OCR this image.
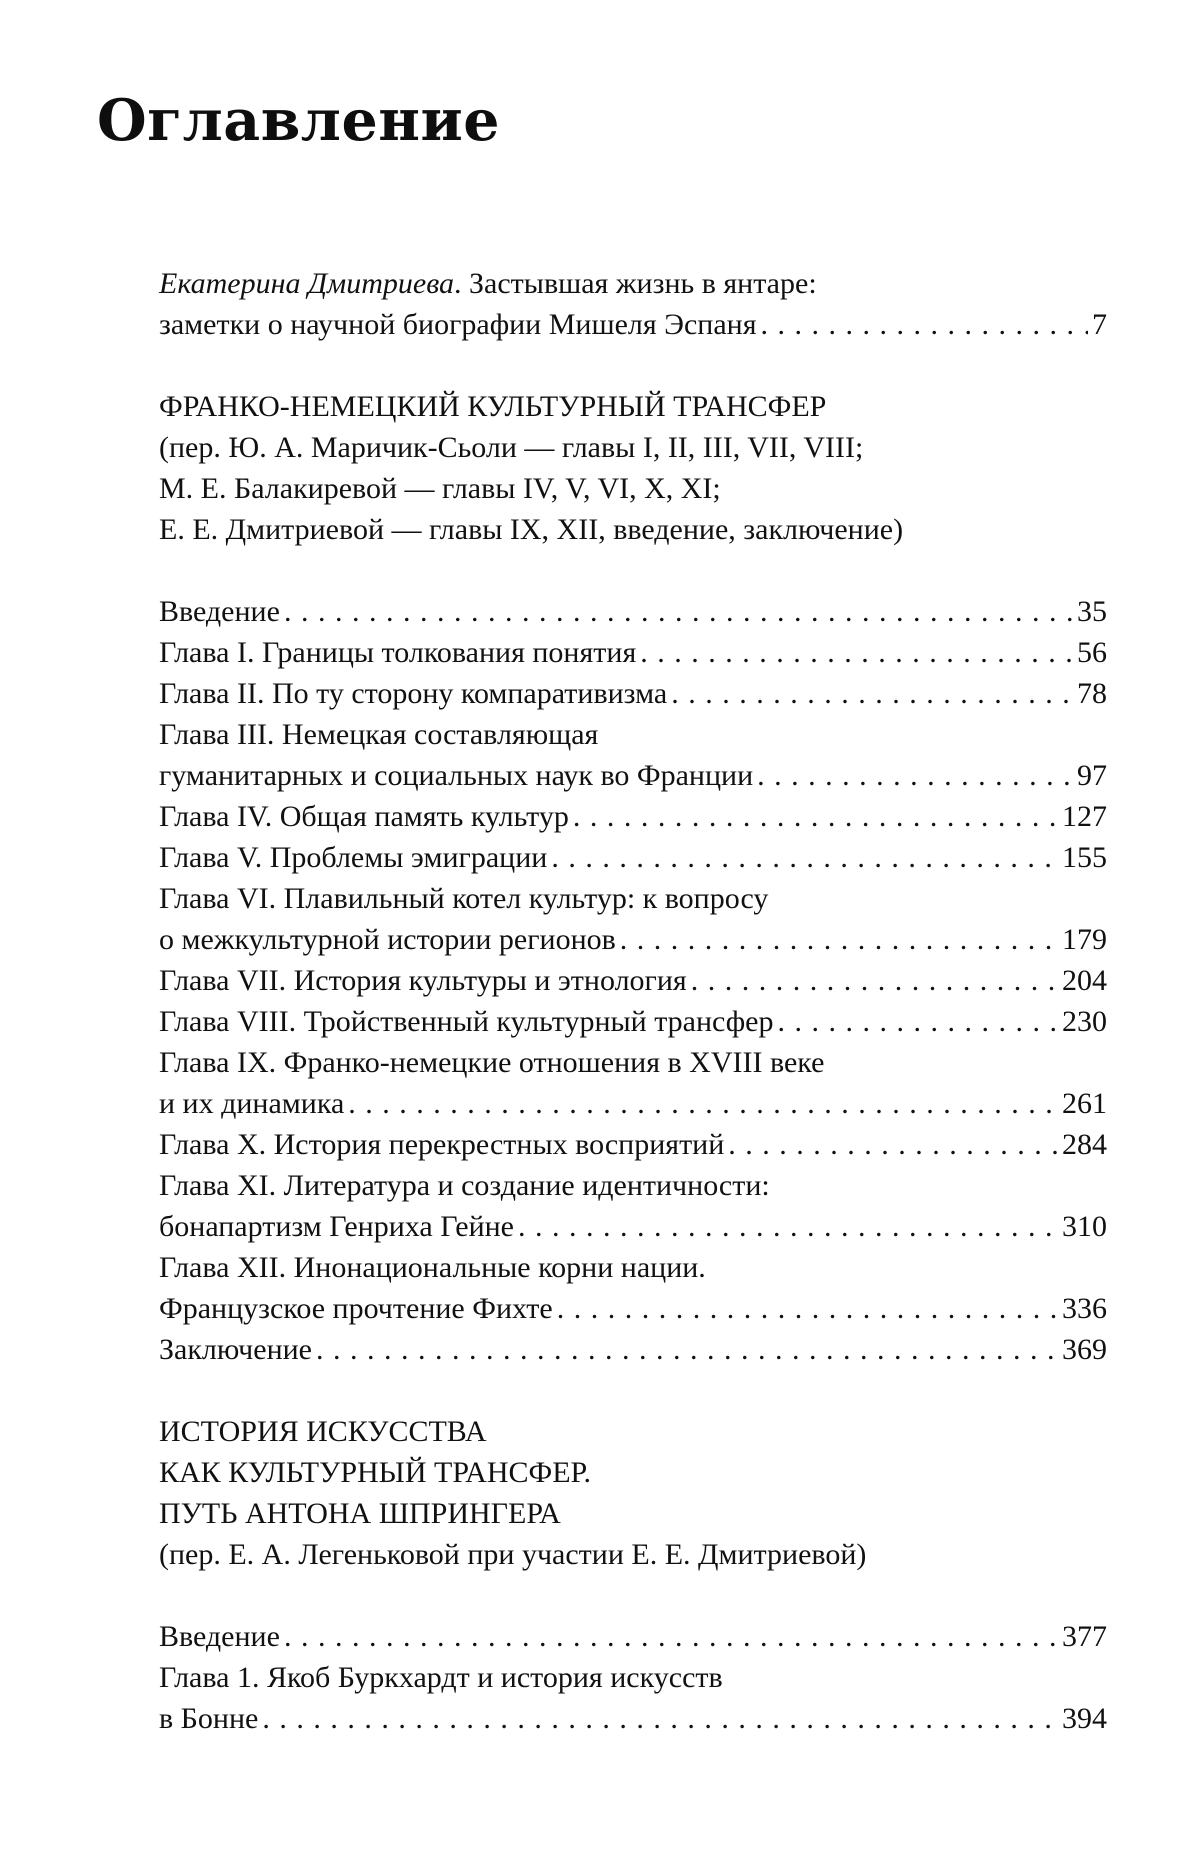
Оглавление
Екатерина Дмитриева. Застывшая жизнь в янтаре:
заметки о научной биографии Мишеля Эспаня . . .	7
ФРАНКО-НЕМЕЦКИЙ КУЛЬТУРНЫЙ ТРАНСФЕР
(пер. Ю. А. Маричик-Сьоли — главы I, II, III, VII, VIII;
М. Е. Балакиревой — главы IV, V, VI, X, XI;
Е. Е. Дмитриевой — главы IX, XII, введение, заключение)
Введение . . .	35
Глава I. Границы толкования понятия . . .	56
Глава II. По ту сторону компаративизма . . .	78
Глава III. Немецкая составляющая
гуманитарных и социальных наук во Франции . . .	97
Глава IV. Общая память культур . . .	127
Глава V. Проблемы эмиграции . . .	155
Глава VI. Плавильный котел культур: к вопросу
о межкультурной истории регионов . . .	179
Глава VII. История культуры и этнология . . .	204
Глава VIII. Тройственный культурный трансфер . . .	230
Глава IX. Франко-немецкие отношения в XVIII веке
и их динамика . . .	261
Глава X. История перекрестных восприятий . . .	284
Глава XI. Литература и создание идентичности:
бонапартизм Генриха Гейне . . .	310
Глава XII. Инонациональные корни нации.
Французское прочтение Фихте . . .	336
Заключение . . .	369
ИСТОРИЯ ИСКУССТВА
КАК КУЛЬТУРНЫЙ ТРАНСФЕР.
ПУТЬ АНТОНА ШПРИНГЕРА
(пер. Е. А. Легеньковой при участии Е. Е. Дмитриевой)
Введение . . .	377
Глава 1. Якоб Буркхардт и история искусств
в Бонне . . .	394
